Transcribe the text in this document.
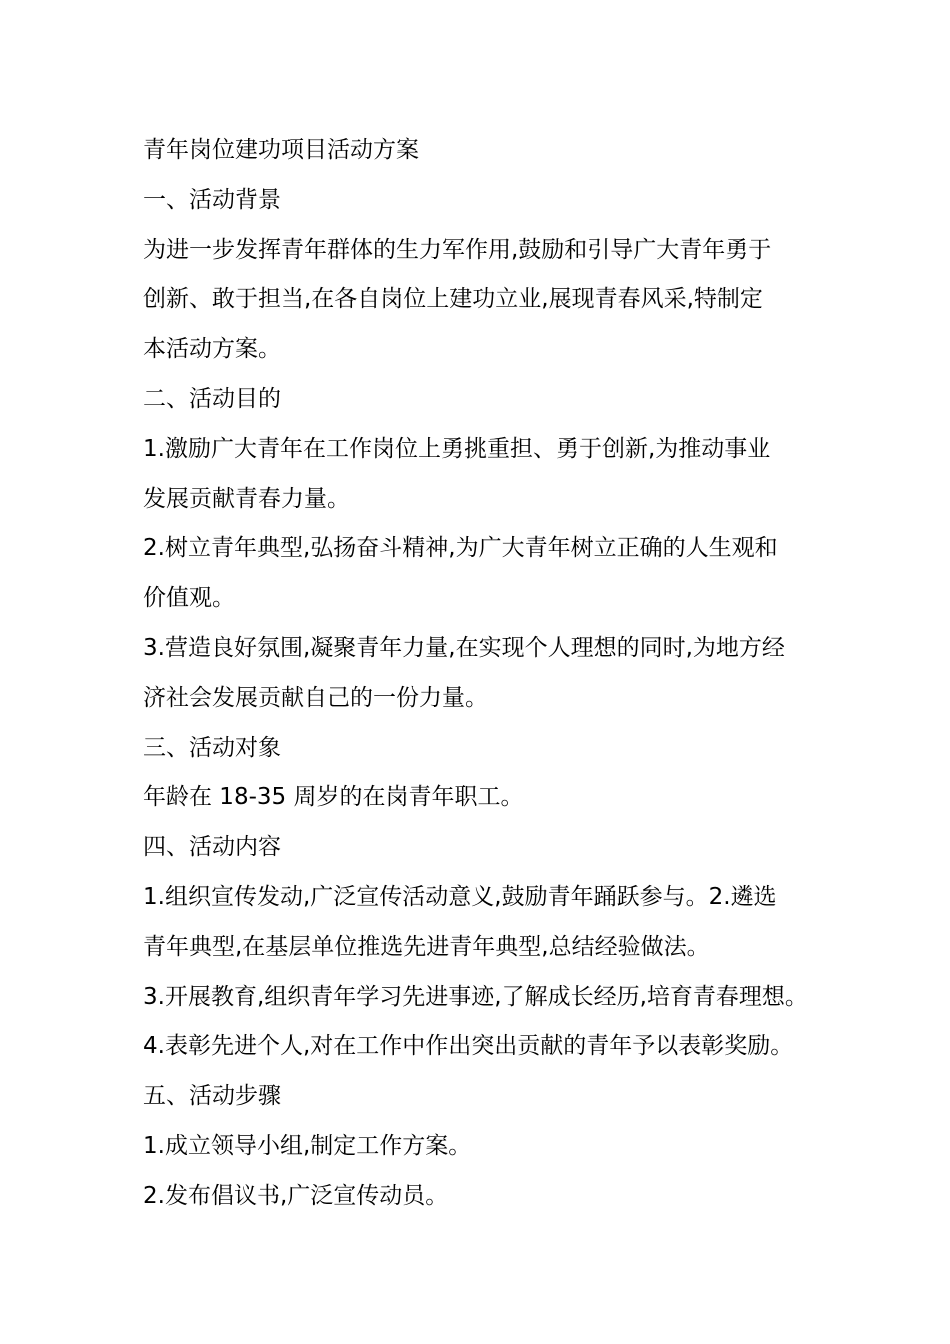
青年岗位建功项目活动方案
一、活动背景
为进一步发挥青年群体的生力军作用,鼓励和引导广大青年勇于
创新、敢于担当,在各自岗位上建功立业,展现青春风采,特制定
本活动方案。
二、活动目的
1.激励广大青年在工作岗位上勇挑重担、勇于创新,为推动事业
发展贡献青春力量。
2.树立青年典型,弘扬奋斗精神,为广大青年树立正确的人生观和
价值观。
3.营造良好氛围,凝聚青年力量,在实现个人理想的同时,为地方经
济社会发展贡献自己的一份力量。
三、活动对象
年龄在 18-35 周岁的在岗青年职工。
四、活动内容
1.组织宣传发动,广泛宣传活动意义,鼓励青年踊跃参与。2.遴选
青年典型,在基层单位推选先进青年典型,总结经验做法。
3.开展教育,组织青年学习先进事迹,了解成长经历,培育青春理想。
4.表彰先进个人,对在工作中作出突出贡献的青年予以表彰奖励。
五、活动步骤
1.成立领导小组,制定工作方案。
2.发布倡议书,广泛宣传动员。
